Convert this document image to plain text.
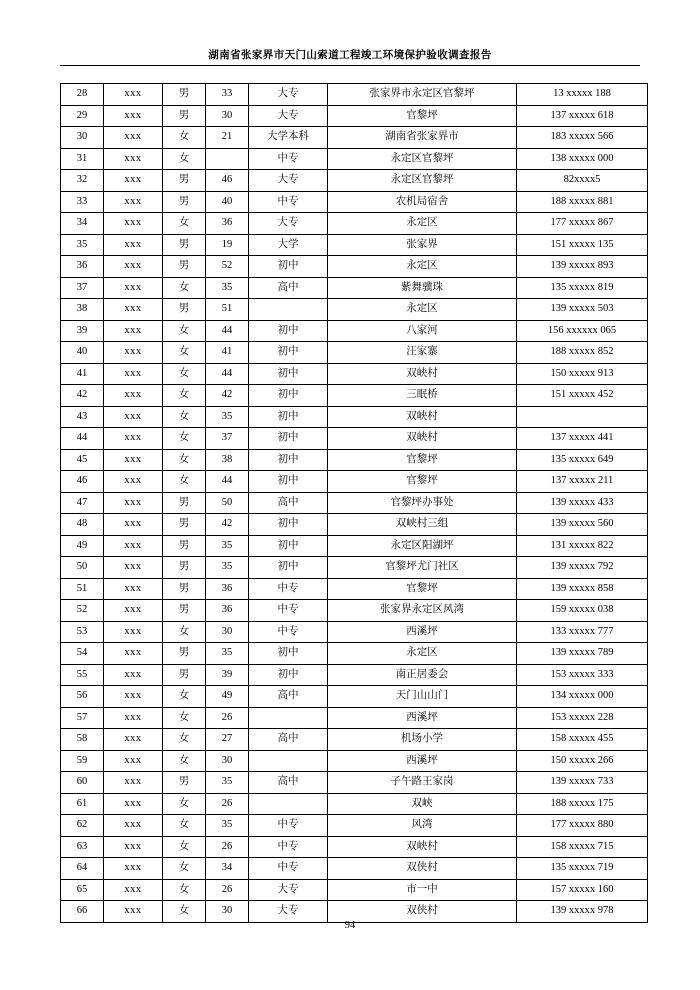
湖南省张家界市天门山索道工程竣工环境保护验收调查报告
28	xxx	男	33	大专	张家界市永定区官黎坪	13 xxxxx 188
29	xxx	男	30	大专	官黎坪	137 xxxxx 618
30	xxx	女	21	大学本科	湖南省张家界市	183 xxxxx 566
31	xxx	女		中专	永定区官黎坪	138 xxxxx 000
32	xxx	男	46	大专	永定区官黎坪	82xxxx5
33	xxx	男	40	中专	农机局宿舍	188 xxxxx 881
34	xxx	女	36	大专	永定区	177 xxxxx 867
35	xxx	男	19	大学	张家界	151 xxxxx 135
36	xxx	男	52	初中	永定区	139 xxxxx 893
37	xxx	女	35	高中	紫舞骥珠	135 xxxxx 819
38	xxx	男	51		永定区	139 xxxxx 503
39	xxx	女	44	初中	八家河	156 xxxxxx 065
40	xxx	女	41	初中	汪家寨	188 xxxxx 852
41	xxx	女	44	初中	双峡村	150 xxxxx 913
42	xxx	女	42	初中	三眠桥	151 xxxxx 452
43	xxx	女	35	初中	双峡村	
44	xxx	女	37	初中	双峡村	137 xxxxx 441
45	xxx	女	38	初中	官黎坪	135 xxxxx 649
46	xxx	女	44	初中	官黎坪	137 xxxxx 211
47	xxx	男	50	高中	官黎坪办事处	139 xxxxx 433
48	xxx	男	42	初中	双峡村三组	139 xxxxx 560
49	xxx	男	35	初中	永定区阳湖坪	131 xxxxx 822
50	xxx	男	35	初中	官黎坪尤门社区	139 xxxxx 792
51	xxx	男	36	中专	官黎坪	139 xxxxx 858
52	xxx	男	36	中专	张家界永定区风湾	159 xxxxx 038
53	xxx	女	30	中专	西溪坪	133 xxxxx 777
54	xxx	男	35	初中	永定区	139 xxxxx 789
55	xxx	男	39	初中	南正居委会	153 xxxxx 333
56	xxx	女	49	高中	天门山山门	134 xxxxx 000
57	xxx	女	26		西溪坪	153 xxxxx 228
58	xxx	女	27	高中	机场小学	158 xxxxx 455
59	xxx	女	30		西溪坪	150 xxxxx 266
60	xxx	男	35	高中	子午路王家岗	139 xxxxx 733
61	xxx	女	26		双峡	188 xxxxx 175
62	xxx	女	35	中专	风湾	177 xxxxx 880
63	xxx	女	26	中专	双峡村	158 xxxxx 715
64	xxx	女	34	中专	双侠村	135 xxxxx 719
65	xxx	女	26	大专	市一中	157 xxxxx 160
66	xxx	女	30	大专	双侠村	139 xxxxx 978
94
